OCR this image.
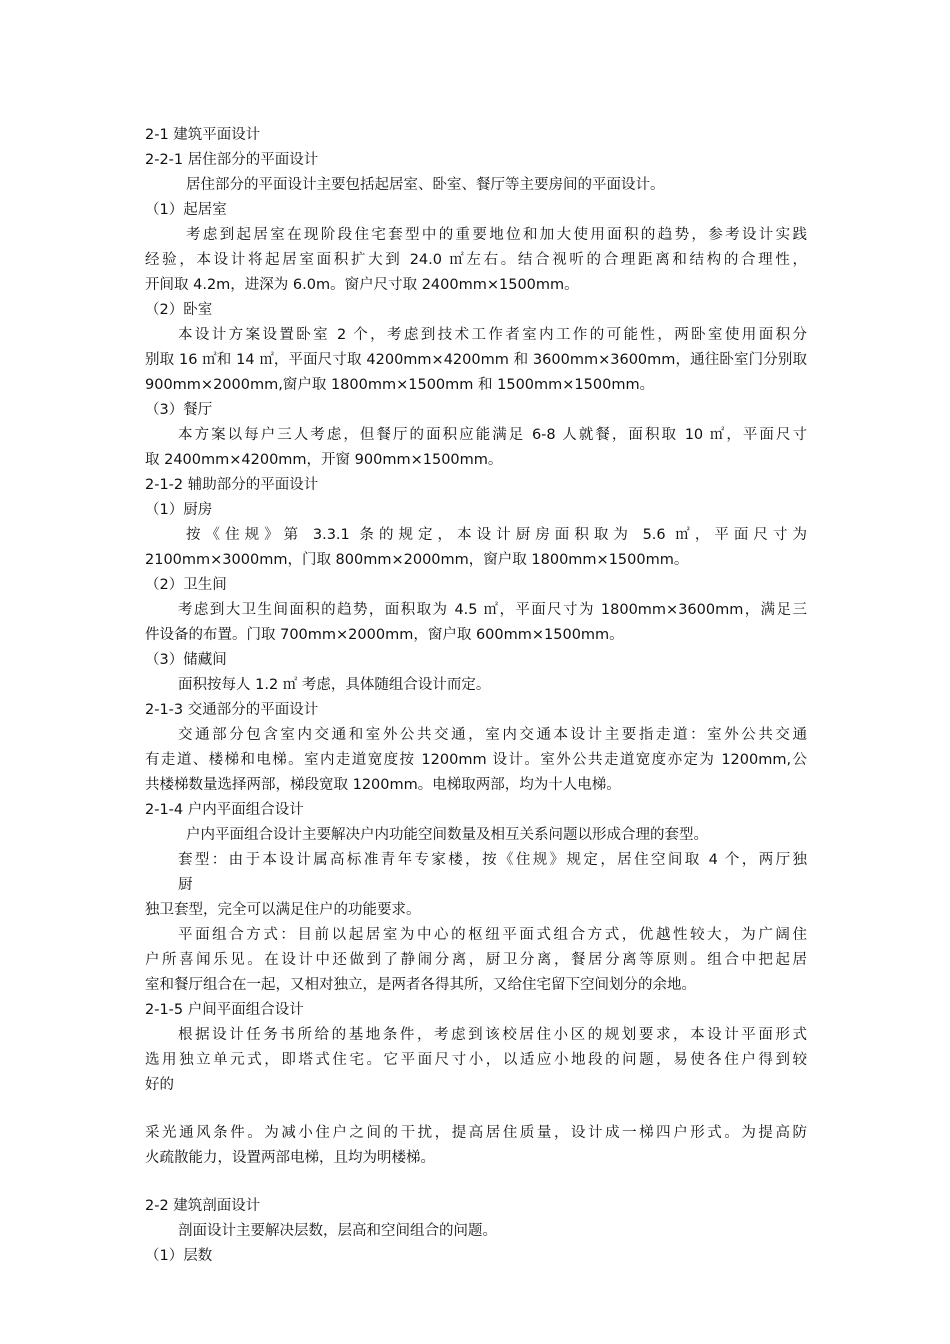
2-1 建筑平面设计
2-2-1 居住部分的平面设计
居住部分的平面设计主要包括起居室、卧室、餐厅等主要房间的平面设计。
（1）起居室
考虑到起居室在现阶段住宅套型中的重要地位和加大使用面积的趋势，参考设计实践
经验，本设计将起居室面积扩大到 24.0 ㎡左右。结合视听的合理距离和结构的合理性，
开间取 4.2m，进深为 6.0m。窗户尺寸取 2400mm×1500mm。
（2）卧室
本设计方案设置卧室 2 个，考虑到技术工作者室内工作的可能性，两卧室使用面积分
别取 16 ㎡和 14 ㎡，平面尺寸取 4200mm×4200mm 和 3600mm×3600mm，通往卧室门分别取
900mm×2000mm,窗户取 1800mm×1500mm 和 1500mm×1500mm。
（3）餐厅
本方案以每户三人考虑，但餐厅的面积应能满足 6-8 人就餐，面积取 10 ㎡，平面尺寸
取 2400mm×4200mm，开窗 900mm×1500mm。
2-1-2 辅助部分的平面设计
（1）厨房
按《住规》第 3.3.1 条的规定，本设计厨房面积取为 5.6 ㎡，平面尺寸为
2100mm×3000mm，门取 800mm×2000mm，窗户取 1800mm×1500mm。
（2）卫生间
考虑到大卫生间面积的趋势，面积取为 4.5 ㎡，平面尺寸为 1800mm×3600mm，满足三
件设备的布置。门取 700mm×2000mm，窗户取 600mm×1500mm。
（3）储藏间
面积按每人 1.2 ㎡ 考虑，具体随组合设计而定。
2-1-3 交通部分的平面设计
交通部分包含室内交通和室外公共交通，室内交通本设计主要指走道：室外公共交通
有走道、楼梯和电梯。室内走道宽度按 1200mm 设计。室外公共走道宽度亦定为 1200mm,公
共楼梯数量选择两部，梯段宽取 1200mm。电梯取两部，均为十人电梯。
2-1-4 户内平面组合设计
户内平面组合设计主要解决户内功能空间数量及相互关系问题以形成合理的套型。
套型：由于本设计属高标准青年专家楼，按《住规》规定，居住空间取 4 个，两厅独
厨
独卫套型，完全可以满足住户的功能要求。
平面组合方式：目前以起居室为中心的枢纽平面式组合方式，优越性较大，为广阔住
户所喜闻乐见。在设计中还做到了静闹分离，厨卫分离，餐居分离等原则。组合中把起居
室和餐厅组合在一起，又相对独立，是两者各得其所，又给住宅留下空间划分的余地。
2-1-5 户间平面组合设计
根据设计任务书所给的基地条件，考虑到该校居住小区的规划要求，本设计平面形式
选用独立单元式，即塔式住宅。它平面尺寸小，以适应小地段的问题，易使各住户得到较
好的
采光通风条件。为减小住户之间的干扰，提高居住质量，设计成一梯四户形式。为提高防
火疏散能力，设置两部电梯，且均为明楼梯。
2-2 建筑剖面设计
剖面设计主要解决层数，层高和空间组合的问题。
（1）层数
